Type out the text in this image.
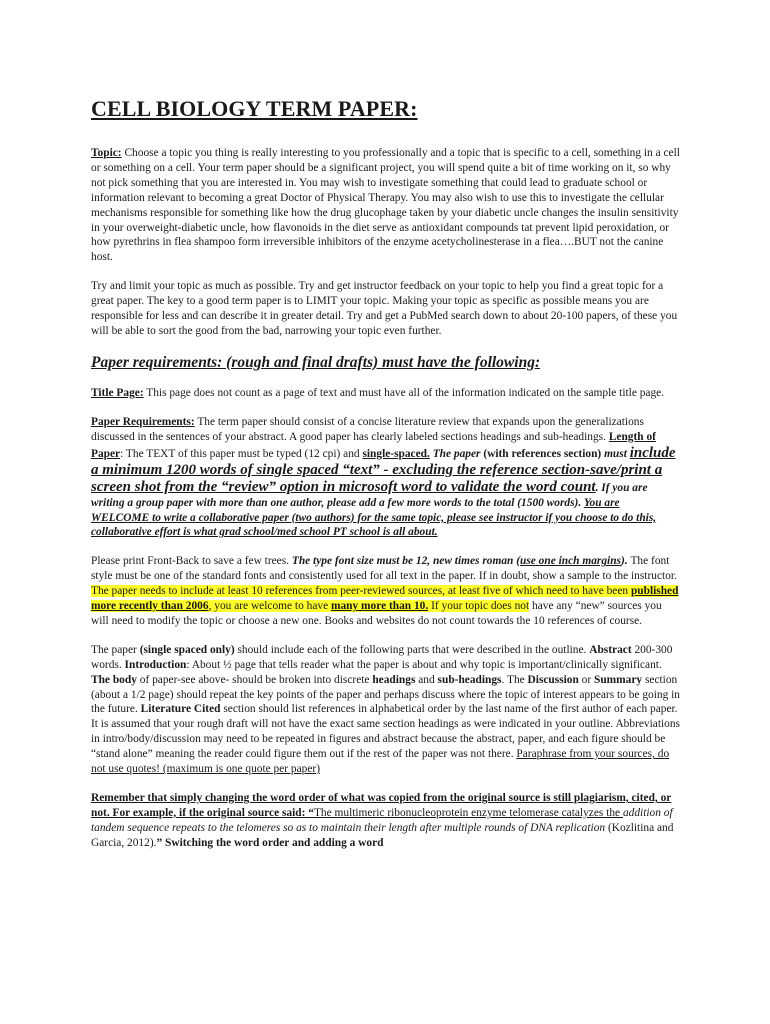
CELL BIOLOGY TERM PAPER:

Topic: Choose a topic you thing is really interesting to you professionally and a topic that is specific to a cell, something in a cell or something on a cell. Your term paper should be a significant project, you will spend quite a bit of time working on it, so why not pick something that you are interested in. You may wish to investigate something that could lead to graduate school or information relevant to becoming a great Doctor of Physical Therapy. You may also wish to use this to investigate the cellular mechanisms responsible for something like how the drug glucophage taken by your diabetic uncle changes the insulin sensitivity in your overweight-diabetic uncle, how flavonoids in the diet serve as antioxidant compounds tat prevent lipid peroxidation, or how pyrethrins in flea shampoo form irreversible inhibitors of the enzyme acetycholinesterase in a flea….BUT not the canine host.

Try and limit your topic as much as possible. Try and get instructor feedback on your topic to help you find a great topic for a great paper. The key to a good term paper is to LIMIT your topic. Making your topic as specific as possible means you are responsible for less and can describe it in greater detail. Try and get a PubMed search down to about 20-100 papers, of these you will be able to sort the good from the bad, narrowing your topic even further.

Paper requirements: (rough and final drafts) must have the following:

Title Page: This page does not count as a page of text and must have all of the information indicated on the sample title page.

Paper Requirements: The term paper should consist of a concise literature review that expands upon the generalizations discussed in the sentences of your abstract. A good paper has clearly labeled sections headings and sub-headings. Length of Paper: The TEXT of this paper must be typed (12 cpi) and single-spaced. The paper (with references section) must include a minimum 1200 words of single spaced “text” - excluding the reference section-save/print a screen shot from the “review” option in microsoft word to validate the word count. If you are writing a group paper with more than one author, please add a few more words to the total (1500 words). You are WELCOME to write a collaborative paper (two authors) for the same topic, please see instructor if you choose to do this, collaborative effort is what grad school/med school PT school is all about.

Please print Front-Back to save a few trees. The type font size must be 12, new times roman (use one inch margins). The font style must be one of the standard fonts and consistently used for all text in the paper. If in doubt, show a sample to the instructor. The paper needs to include at least 10 references from peer-reviewed sources, at least five of which need to have been published more recently than 2006, you are welcome to have many more than 10. If your topic does not have any “new” sources you will need to modify the topic or choose a new one. Books and websites do not count towards the 10 references of course.

The paper (single spaced only) should include each of the following parts that were described in the outline. Abstract 200-300 words. Introduction: About ½ page that tells reader what the paper is about and why topic is important/clinically significant. The body of paper-see above- should be broken into discrete headings and sub-headings. The Discussion or Summary section (about a 1/2 page) should repeat the key points of the paper and perhaps discuss where the topic of interest appears to be going in the future. Literature Cited section should list references in alphabetical order by the last name of the first author of each paper. It is assumed that your rough draft will not have the exact same section headings as were indicated in your outline. Abbreviations in intro/body/discussion may need to be repeated in figures and abstract because the abstract, paper, and each figure should be “stand alone” meaning the reader could figure them out if the rest of the paper was not there. Paraphrase from your sources, do not use quotes! (maximum is one quote per paper)

Remember that simply changing the word order of what was copied from the original source is still plagiarism, cited, or not. For example, if the original source said: “The multimeric ribonucleoprotein enzyme telomerase catalyzes the addition of tandem sequence repeats to the telomeres so as to maintain their length after multiple rounds of DNA replication (Kozlitina and Garcia, 2012).” Switching the word order and adding a word
